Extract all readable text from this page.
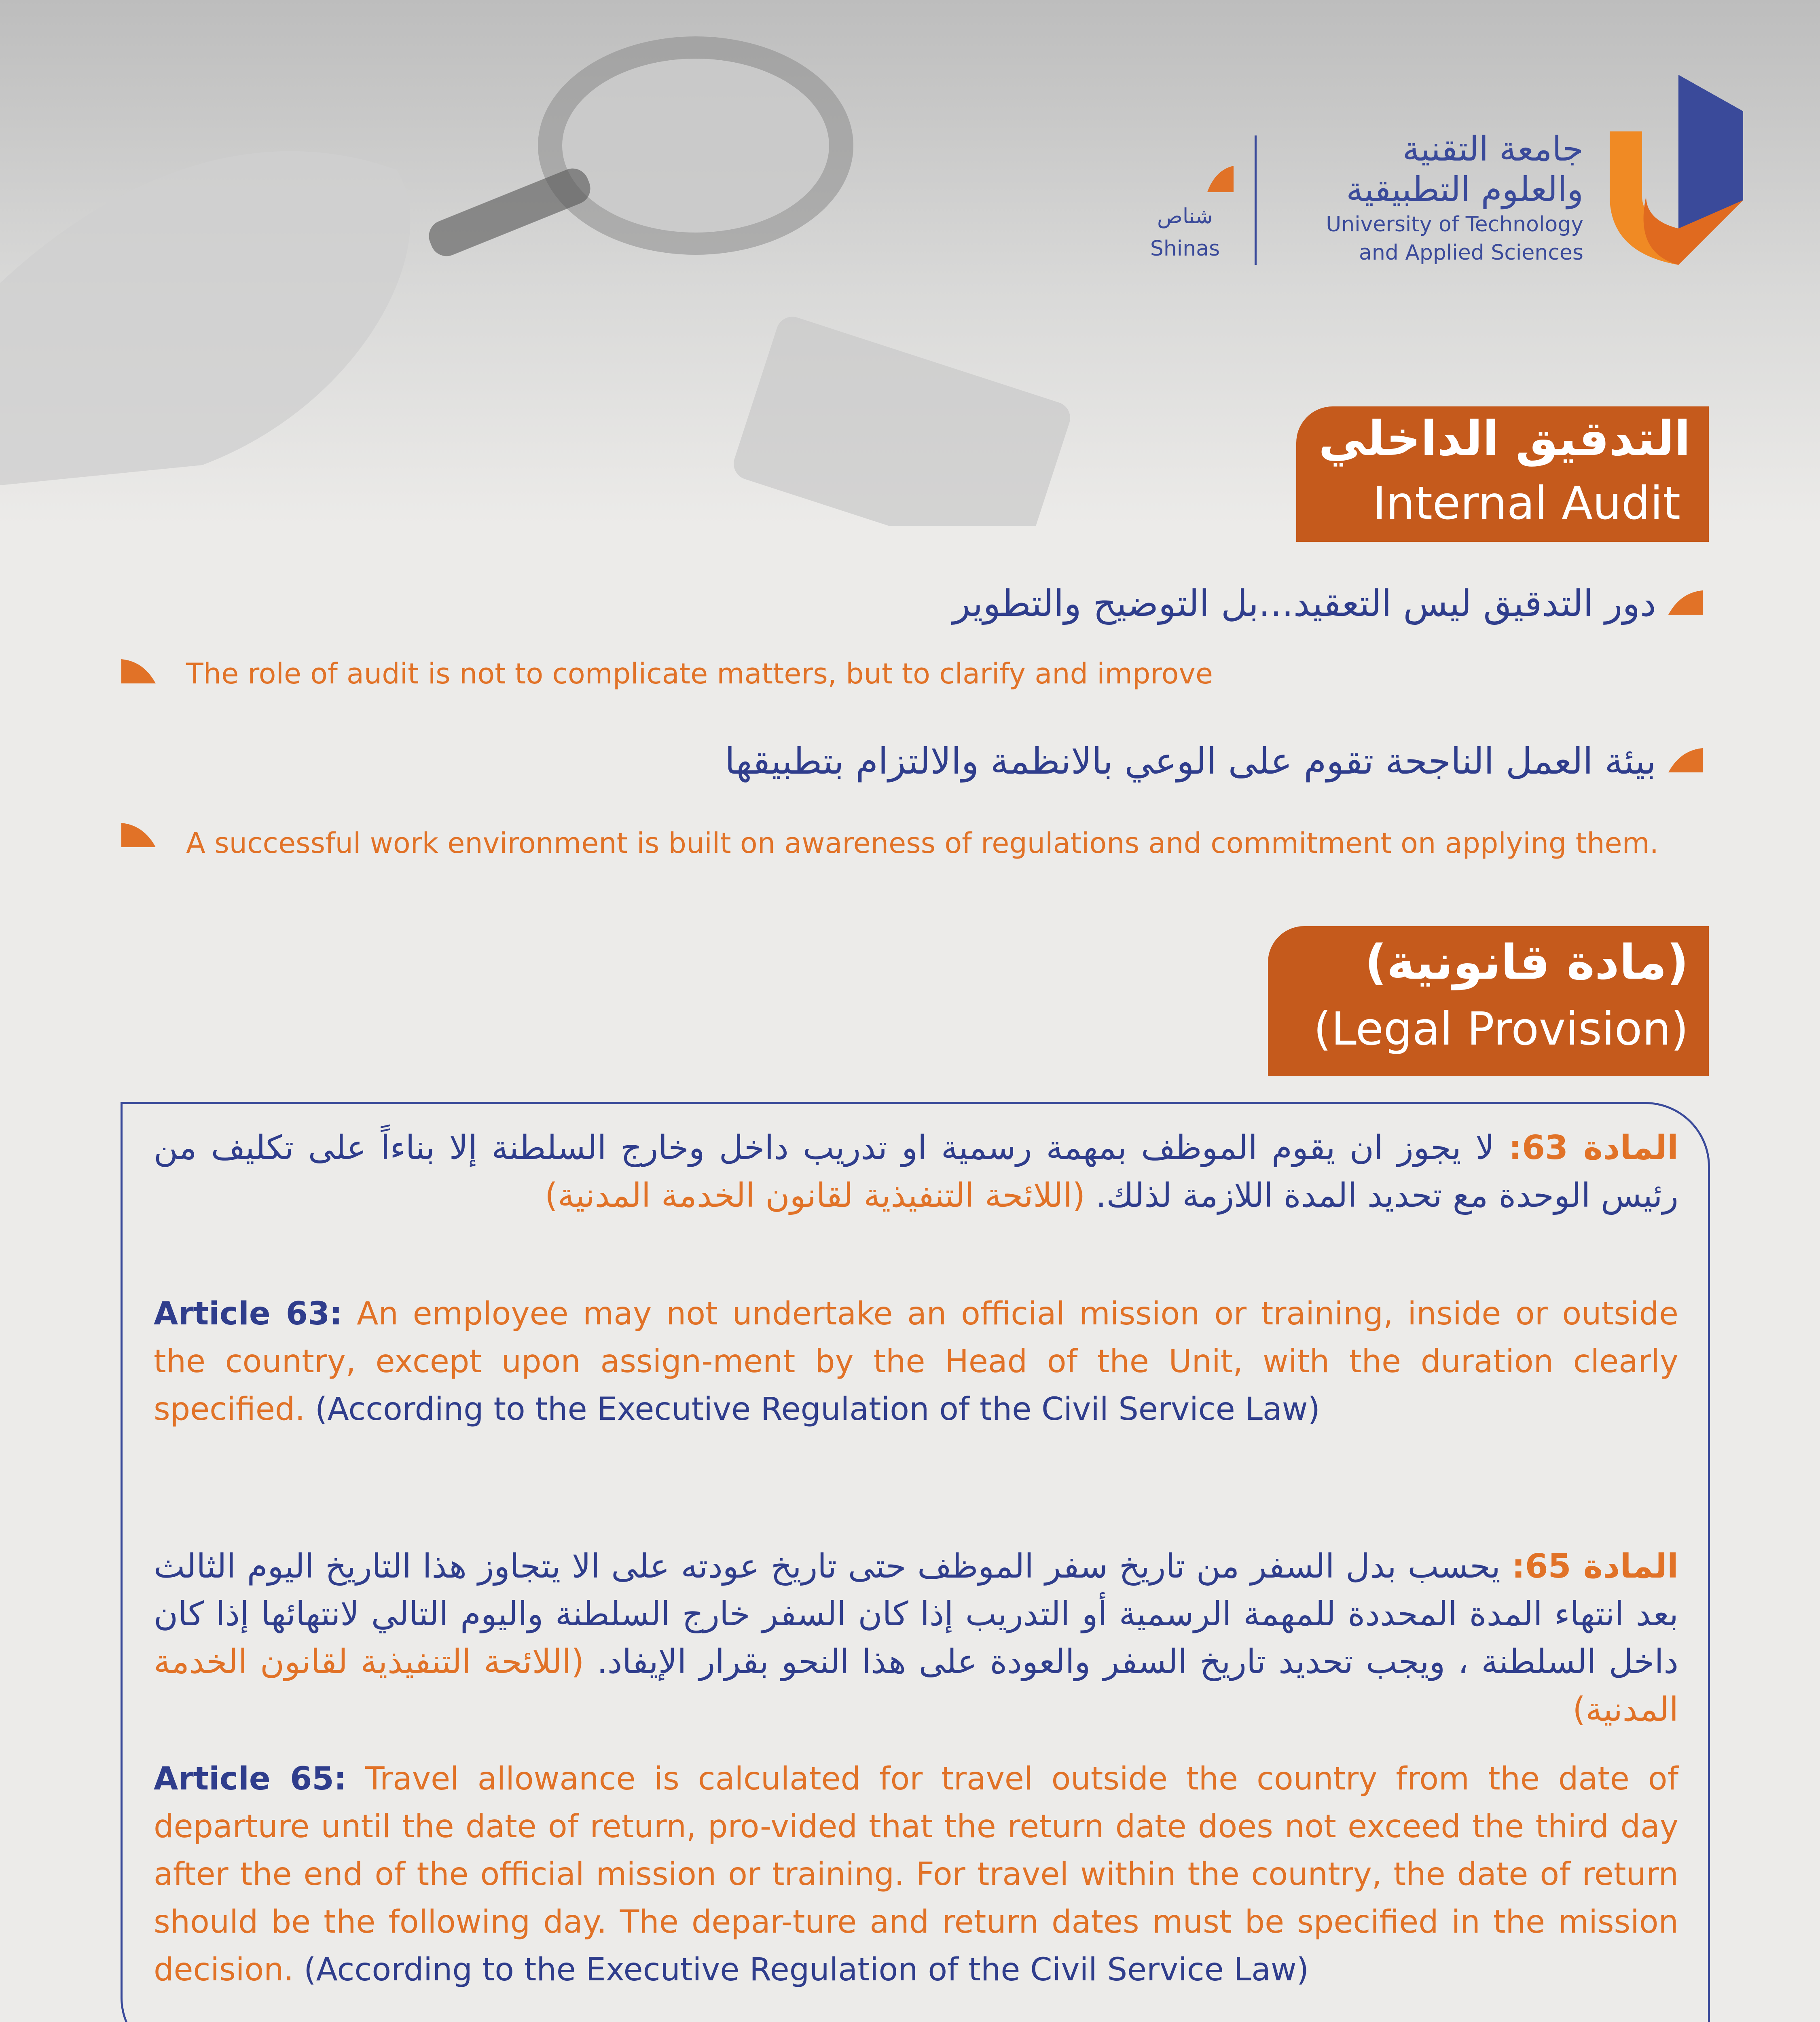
جامعة التقنية
والعلوم التطبيقية
University of Technology
and Applied Sciences
شناص
Shinas
التدقيق الداخلي
Internal Audit
دور التدقيق ليس التعقيد...بل التوضيح والتطوير
The role of audit is not to complicate matters, but to clarify and improve
بيئة العمل الناجحة تقوم على الوعي بالانظمة والالتزام بتطبيقها
A successful work environment is built on awareness of regulations and commitment on applying them.
(مادة قانونية)
(Legal Provision)
المادة 63: لا يجوز ان يقوم الموظف بمهمة رسمية او تدريب داخل وخارج السلطنة إلا بناءاً على تكليف من رئيس الوحدة مع تحديد المدة اللازمة لذلك. (اللائحة التنفيذية لقانون الخدمة المدنية)
Article 63: An employee may not undertake an official mission or training, inside or outside the country, except upon assign-ment by the Head of the Unit, with the duration clearly specified. (According to the Executive Regulation of the Civil Service Law)
المادة 65: يحسب بدل السفر من تاريخ سفر الموظف حتى تاريخ عودته على الا يتجاوز هذا التاريخ اليوم الثالث بعد انتهاء المدة المحددة للمهمة الرسمية أو التدريب إذا كان السفر خارج السلطنة واليوم التالي لانتهائها إذا كان داخل السلطنة ، ويجب تحديد تاريخ السفر والعودة على هذا النحو بقرار الإيفاد. (اللائحة التنفيذية لقانون الخدمة المدنية)
Article 65: Travel allowance is calculated for travel outside the country from the date of departure until the date of return, pro-vided that the return date does not exceed the third day after the end of the official mission or training. For travel within the country, the date of return should be the following day. The depar-ture and return dates must be specified in the mission decision. (According to the Executive Regulation of the Civil Service Law)
